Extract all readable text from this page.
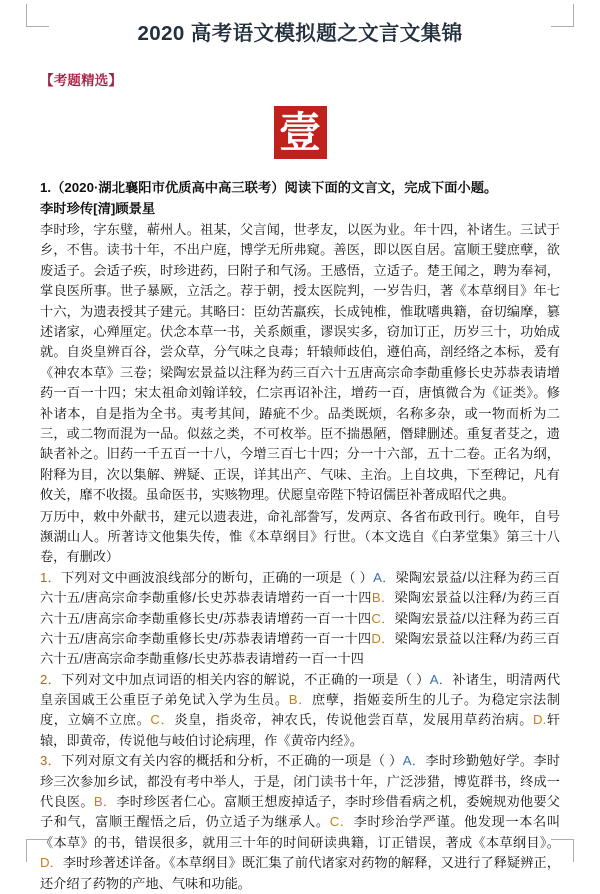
2020 高考语文模拟题之文言文集锦
【考题精选】
壹
1.（2020·湖北襄阳市优质高中高三联考）阅读下面的文言文，完成下面小题。
李时珍传[清]顾景星

李时珍，字东璧，蕲州人。祖某，父言闻，世孝友，以医为业。年十四，补诸生。三试于乡，不售。读书十年，不出户庭，博学无所弗窥。善医，即以医自居。富顺王嬖庶孽，欲废适子。会适子疾，时珍进药，曰附子和气汤。王感悟，立适子。楚王闻之，聘为奉祠，掌良医所事。世子暴厥，立活之。荐于朝，授太医院判，一岁告归，著《本草纲目》年七十六，为遗表授其子建元。其略曰：臣幼苦羸疾，长成钝椎，惟耽嗜典籍，奋切编摩，篡述诸家，心殚厘定。伏念本草一书，关系颇重，谬误实多，窃加订正，历岁三十，功始成就。自炎皇辨百谷，尝众草，分气味之良毒；轩辕师歧伯，遵伯高，剖经络之本标，爰有《神农本草》三卷；梁陶宏景益以注释为药三百六十五唐高宗命李勣重修长史苏恭表请增药一百一十四；宋太祖命刘翰详较，仁宗再诏补注，增药一百，唐慎微合为《证类》。修补诸本，自是指为全书。夷考其间，踳疵不少。品类既烦，名称多杂，或一物而析为二三，或二物而混为一品。似兹之类，不可枚举。臣不揣愚陋，僭肆删述。重复者芟之，遗缺者补之。旧药一千五百一十八，今增三百七十四；分一十六部，五十二卷。正名为纲，附释为目，次以集解、辨疑、正误，详其出产、气味、主治。上自坟典，下至稗记，凡有攸关，靡不收掇。虽命医书，实赅物理。伏愿皇帝陛下特诏儒臣补著成昭代之典。

万历中，敕中外献书，建元以遗表进，命礼部誊写，发两京、各省布政刊行。晚年，自号濒湖山人。所著诗文他集失传，惟《本草纲目》行世。（本文选自《白茅堂集》第三十八卷，有删改）

1．下列对文中画波浪线部分的断句，正确的一项是（ ）A．梁陶宏景益/以注释为药三百六十五/唐高宗命李勣重修/长史苏恭表请增药一百一十四B．梁陶宏景益以注释/为药三百六十五/唐高宗命李勣重修长史/苏恭表请增药一百一十四C．梁陶宏景益/以注释为药三百六十五/唐高宗命李勣重修长史/苏恭表请增药一百一十四D．梁陶宏景益以注释/为药三百六十五/唐高宗命李勣重修/长史苏恭表请增药一百一十四

2．下列对文中加点词语的相关内容的解说，不正确的一项是（ ）A．补诸生，明清两代皇亲国戚王公重臣子弟免试入学为生员。B．庶孽，指姬妾所生的儿子。为稳定宗法制度，立嫡不立庶。C．炎皇，指炎帝，神农氏，传说他尝百草，发展用草药治病。D.轩辕，即黄帝，传说他与岐伯讨论病理，作《黄帝内经》。

3．下列对原文有关内容的概括和分析，不正确的一项是（ ）A．李时珍勤勉好学。李时珍三次参加乡试，都没有考中举人，于是，闭门读书十年，广泛涉猎，博览群书，终成一代良医。B．李时珍医者仁心。富顺王想废掉适子，李时珍借看病之机，委婉规劝他要父子和气，富顺王醒悟之后，仍立适子为继承人。C．李时珍治学严谨。他发现一本名叫《本草》的书，错误很多，就用三十年的时间研读典籍，订正错误，著成《本草纲目》。D．李时珍著述详备。《本草纲目》既汇集了前代诸家对药物的解释，又进行了释疑辨正，还介绍了药物的产地、气味和功能。
